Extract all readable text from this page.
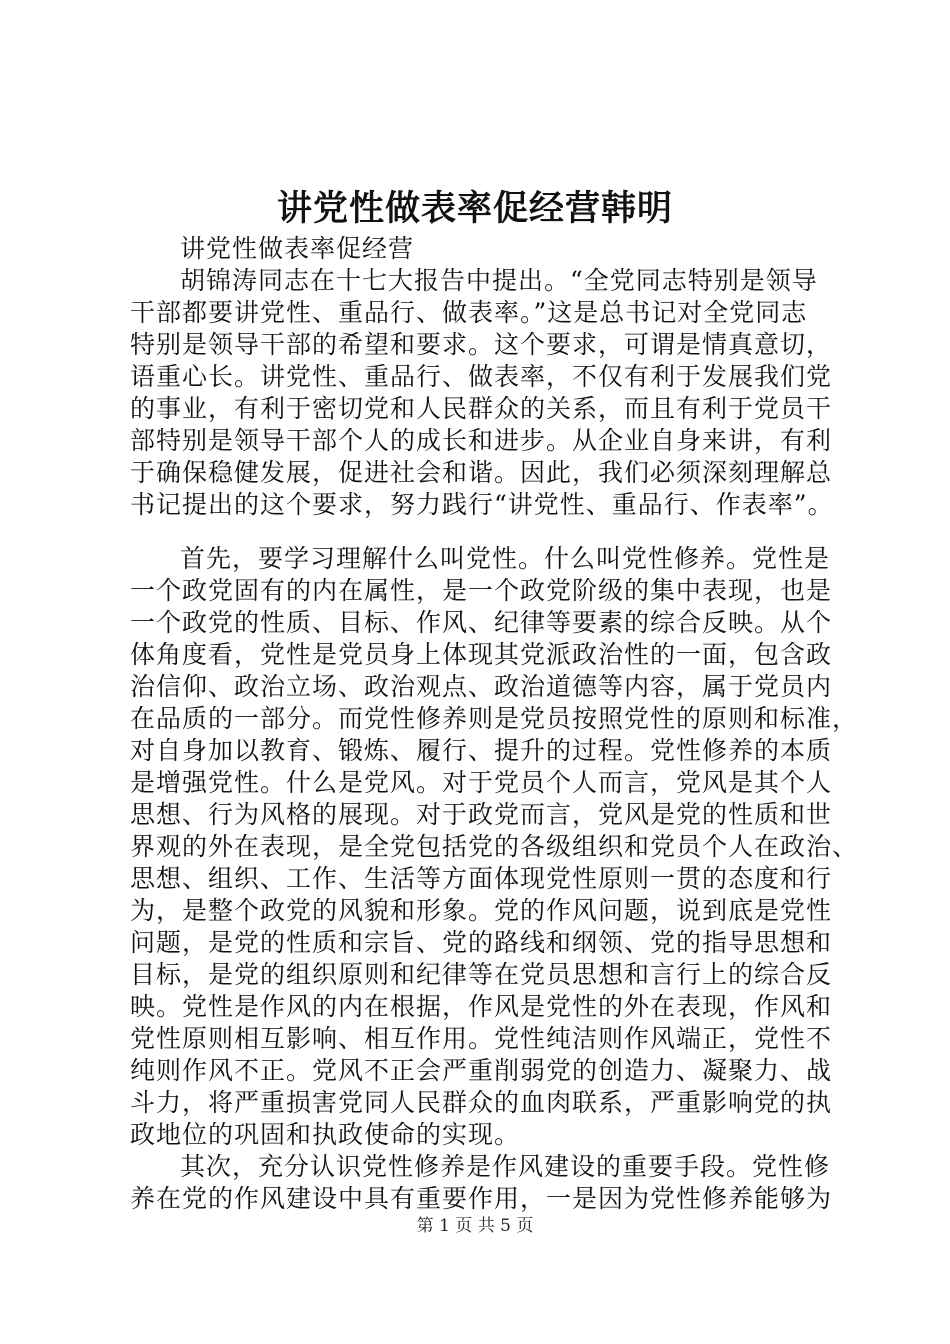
讲党性做表率促经营韩明
讲党性做表率促经营
胡锦涛同志在十七大报告中提出。“全党同志特别是领导
干部都要讲党性、重品行、做表率。”这是总书记对全党同志
特别是领导干部的希望和要求。这个要求，可谓是情真意切，
语重心长。讲党性、重品行、做表率，不仅有利于发展我们党
的事业，有利于密切党和人民群众的关系，而且有利于党员干
部特别是领导干部个人的成长和进步。从企业自身来讲，有利
于确保稳健发展，促进社会和谐。因此，我们必须深刻理解总
书记提出的这个要求，努力践行“讲党性、重品行、作表率”。
首先，要学习理解什么叫党性。什么叫党性修养。党性是
一个政党固有的内在属性，是一个政党阶级的集中表现，也是
一个政党的性质、目标、作风、纪律等要素的综合反映。从个
体角度看，党性是党员身上体现其党派政治性的一面，包含政
治信仰、政治立场、政治观点、政治道德等内容，属于党员内
在品质的一部分。而党性修养则是党员按照党性的原则和标准，
对自身加以教育、锻炼、履行、提升的过程。党性修养的本质
是增强党性。什么是党风。对于党员个人而言，党风是其个人
思想、行为风格的展现。对于政党而言，党风是党的性质和世
界观的外在表现，是全党包括党的各级组织和党员个人在政治、
思想、组织、工作、生活等方面体现党性原则一贯的态度和行
为，是整个政党的风貌和形象。党的作风问题，说到底是党性
问题，是党的性质和宗旨、党的路线和纲领、党的指导思想和
目标，是党的组织原则和纪律等在党员思想和言行上的综合反
映。党性是作风的内在根据，作风是党性的外在表现，作风和
党性原则相互影响、相互作用。党性纯洁则作风端正，党性不
纯则作风不正。党风不正会严重削弱党的创造力、凝聚力、战
斗力，将严重损害党同人民群众的血肉联系，严重影响党的执
政地位的巩固和执政使命的实现。
其次，充分认识党性修养是作风建设的重要手段。党性修
养在党的作风建设中具有重要作用，一是因为党性修养能够为
第 1 页 共 5 页
